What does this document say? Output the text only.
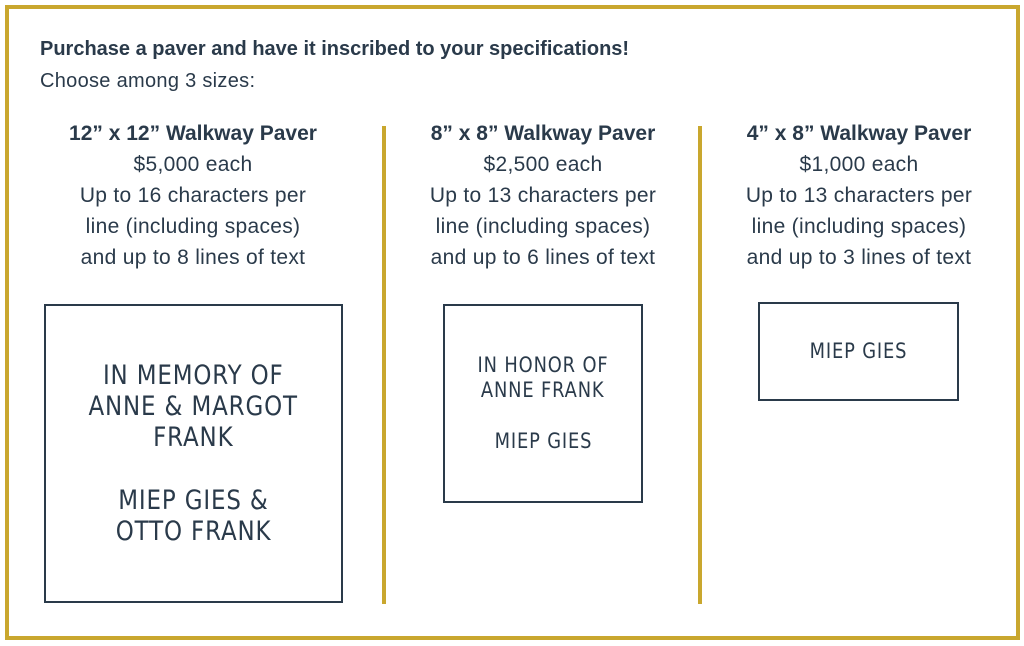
Purchase a paver and have it inscribed to your specifications!
Choose among 3 sizes:
12” x 12” Walkway Paver
$5,000 each
Up to 16 characters per
line (including spaces)
and up to 8 lines of text
IN MEMORY OF
ANNE & MARGOT
FRANK
MIEP GIES &
OTTO FRANK
8” x 8” Walkway Paver
$2,500 each
Up to 13 characters per
line (including spaces)
and up to 6 lines of text
IN HONOR OF
ANNE FRANK
MIEP GIES
4” x 8” Walkway Paver
$1,000 each
Up to 13 characters per
line (including spaces)
and up to 3 lines of text
MIEP GIES
